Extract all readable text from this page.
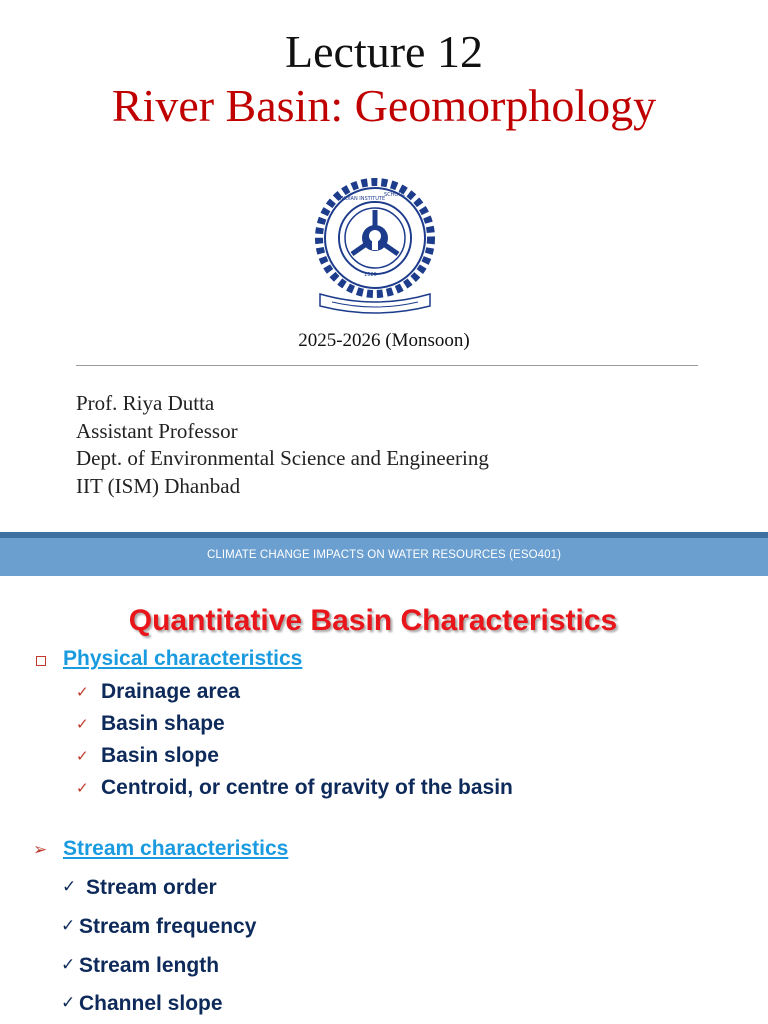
Lecture 12
River Basin: Geomorphology
INDIAN INSTITUTE
SCHOOL
1926
2025-2026 (Monsoon)
Prof. Riya Dutta
Assistant Professor
Dept. of Environmental Science and Engineering
IIT (ISM) Dhanbad
CLIMATE CHANGE IMPACTS ON WATER RESOURCES (ESO401)
Quantitative Basin Characteristics
Physical characteristics
✓ Drainage area
✓ Basin shape
✓ Basin slope
✓ Centroid, or centre of gravity of the basin
➢ Stream characteristics
✓ Stream order
✓ Stream frequency
✓ Stream length
✓ Channel slope
